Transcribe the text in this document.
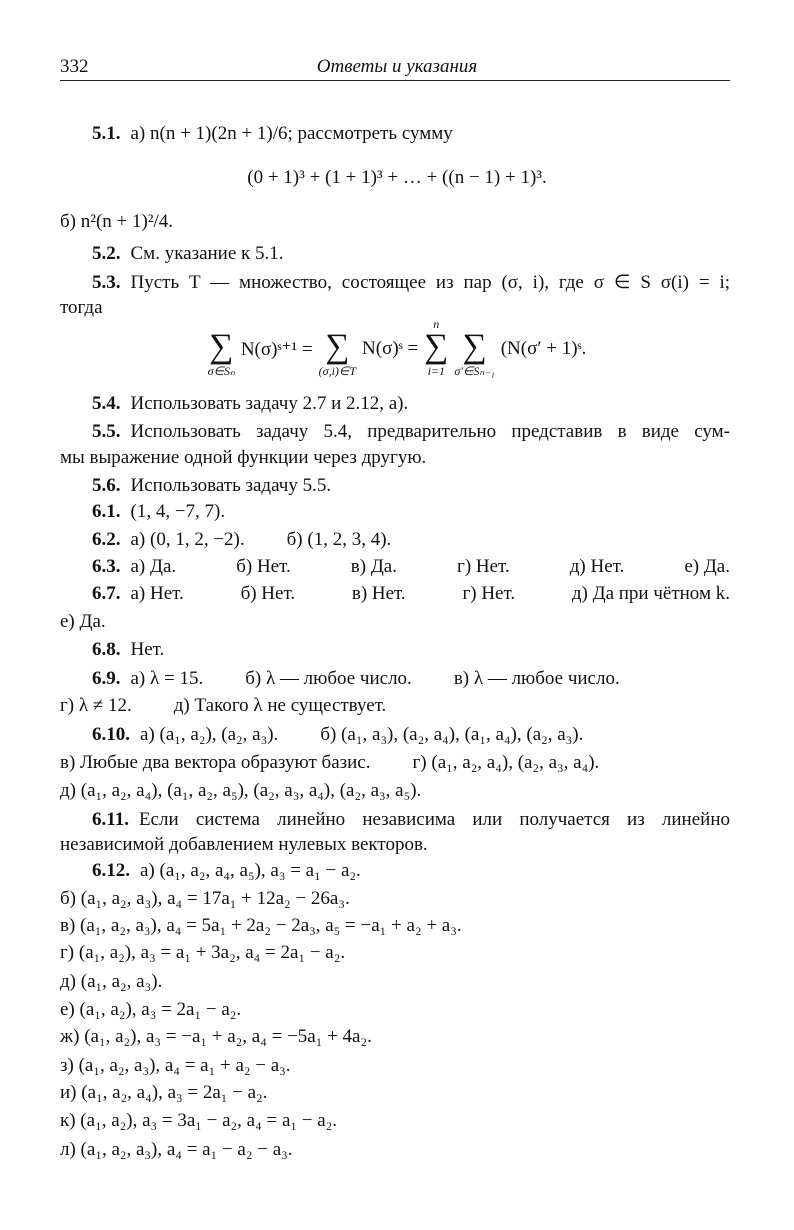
332	Ответы и указания
5.1. а) n(n + 1)(2n + 1)/6; рассмотреть сумму
(0 + 1)³ + (1 + 1)³ + … + ((n − 1) + 1)³.
б) n²(n + 1)²/4.
5.2. См. указание к 5.1.
5.3. Пусть T — множество, состоящее из пар (σ, i), где σ ∈ S σ(i) = i;
тогда
5.4. Использовать задачу 2.7 и 2.12, а).
5.5. Использовать задачу 5.4, предварительно представив в виде сум-
мы выражение одной функции через другую.
5.6. Использовать задачу 5.5.
6.1. (1, 4, −7, 7).
6.2. а) (0, 1, 2, −2). б) (1, 2, 3, 4).
6.3. а) Да.	б) Нет.	в) Да.	г) Нет.	д) Нет.	е) Да.
6.7. а) Нет.	б) Нет.	в) Нет.	г) Нет.	д) Да при чётном k.
е) Да.
6.8. Нет.
6.9. а) λ = 15. б) λ — любое число. в) λ — любое число.
г) λ ≠ 12. д) Такого λ не существует.
6.10. а) (a₁, a₂), (a₂, a₃). б) (a₁, a₃), (a₂, a₄), (a₁, a₄), (a₂, a₃).
в) Любые два вектора образуют базис. г) (a₁, a₂, a₄), (a₂, a₃, a₄).
д) (a₁, a₂, a₄), (a₁, a₂, a₅), (a₂, a₃, a₄), (a₂, a₃, a₅).
6.11. Если система линейно независима или получается из линейно
независимой добавлением нулевых векторов.
6.12. а) (a₁, a₂, a₄, a₅), a₃ = a₁ − a₂.
б) (a₁, a₂, a₃), a₄ = 17a₁ + 12a₂ − 26a₃.
в) (a₁, a₂, a₃), a₄ = 5a₁ + 2a₂ − 2a₃, a₅ = −a₁ + a₂ + a₃.
г) (a₁, a₂), a₃ = a₁ + 3a₂, a₄ = 2a₁ − a₂.
д) (a₁, a₂, a₃).
е) (a₁, a₂), a₃ = 2a₁ − a₂.
ж) (a₁, a₂), a₃ = −a₁ + a₂, a₄ = −5a₁ + 4a₂.
з) (a₁, a₂, a₃), a₄ = a₁ + a₂ − a₃.
и) (a₁, a₂, a₄), a₃ = 2a₁ − a₂.
к) (a₁, a₂), a₃ = 3a₁ − a₂, a₄ = a₁ − a₂.
л) (a₁, a₂, a₃), a₄ = a₁ − a₂ − a₃.
∑
σ∈Sₙ
N(σ)ˢ⁺¹ = ∑
(σ,i)∈T
N(σ)ˢ =
n
∑
i=1
∑
σ′∈Sₙ₋₁
(N(σ′ + 1)ˢ.
